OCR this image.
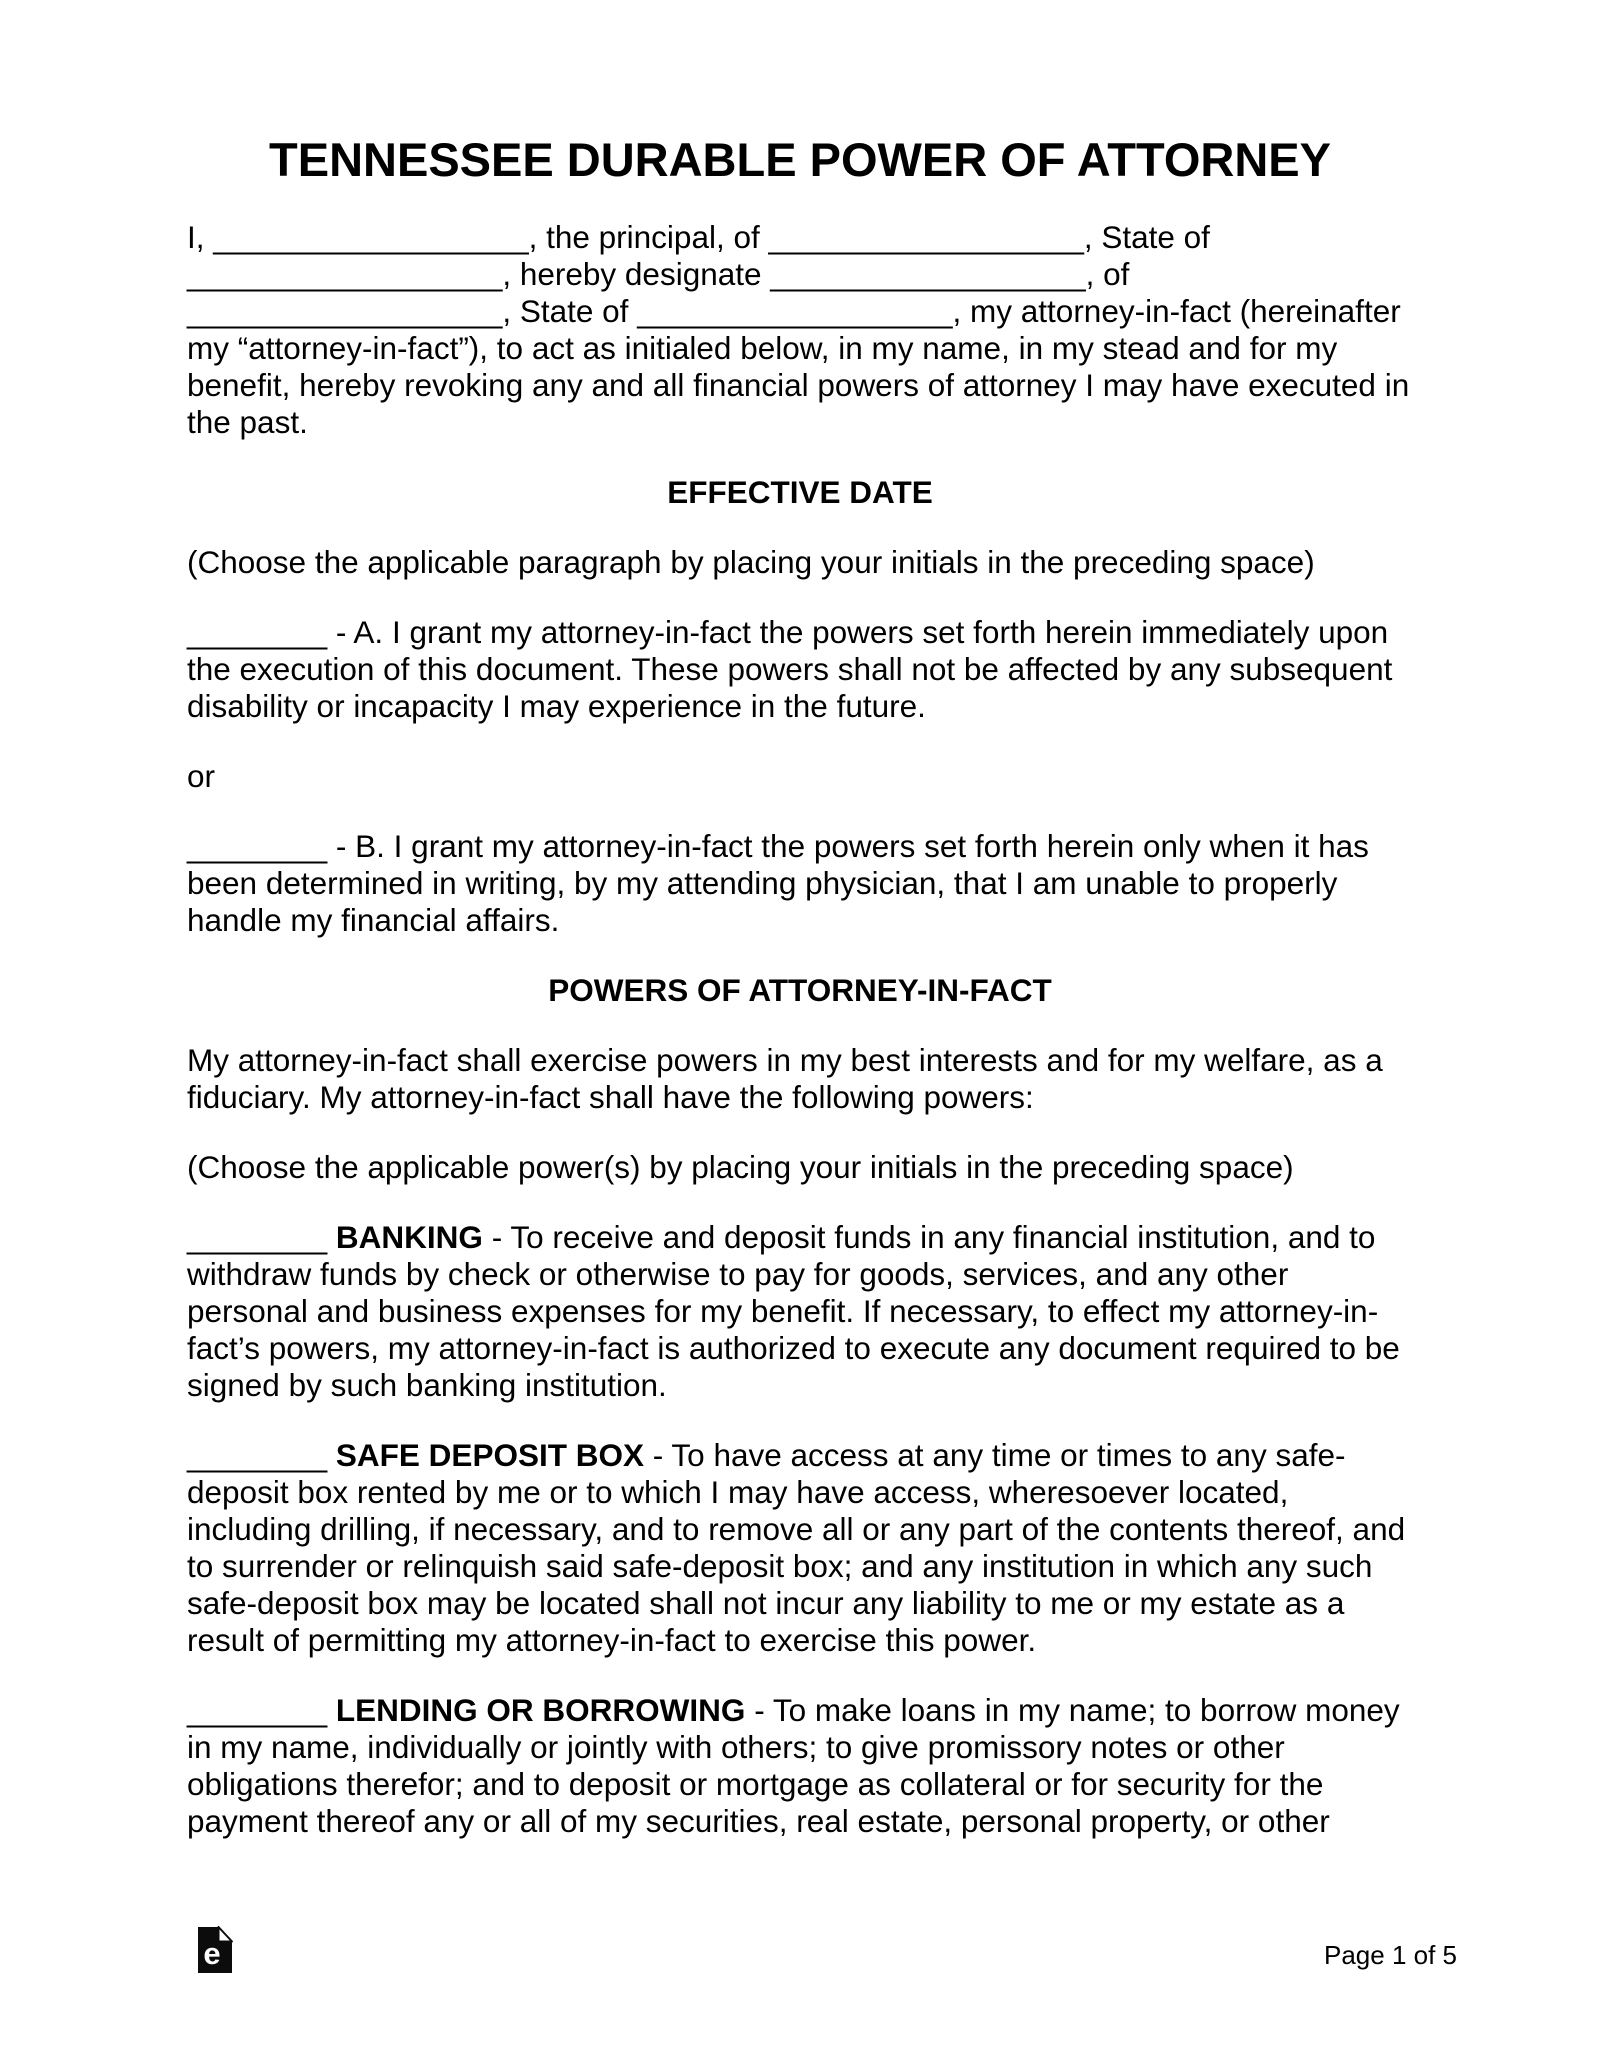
TENNESSEE DURABLE POWER OF ATTORNEY

I, __________________, the principal, of __________________, State of __________________, hereby designate __________________, of __________________, State of __________________, my attorney-in-fact (hereinafter my “attorney-in-fact”), to act as initialed below, in my name, in my stead and for my benefit, hereby revoking any and all financial powers of attorney I may have executed in the past.

EFFECTIVE DATE

(Choose the applicable paragraph by placing your initials in the preceding space)

________ - A. I grant my attorney-in-fact the powers set forth herein immediately upon the execution of this document. These powers shall not be affected by any subsequent disability or incapacity I may experience in the future.

or

________ - B. I grant my attorney-in-fact the powers set forth herein only when it has been determined in writing, by my attending physician, that I am unable to properly handle my financial affairs.

POWERS OF ATTORNEY-IN-FACT

My attorney-in-fact shall exercise powers in my best interests and for my welfare, as a fiduciary. My attorney-in-fact shall have the following powers:

(Choose the applicable power(s) by placing your initials in the preceding space)

________ BANKING - To receive and deposit funds in any financial institution, and to withdraw funds by check or otherwise to pay for goods, services, and any other personal and business expenses for my benefit. If necessary, to effect my attorney-in-fact’s powers, my attorney-in-fact is authorized to execute any document required to be signed by such banking institution.

________ SAFE DEPOSIT BOX - To have access at any time or times to any safe-deposit box rented by me or to which I may have access, wheresoever located, including drilling, if necessary, and to remove all or any part of the contents thereof, and to surrender or relinquish said safe-deposit box; and any institution in which any such safe-deposit box may be located shall not incur any liability to me or my estate as a result of permitting my attorney-in-fact to exercise this power.

________ LENDING OR BORROWING - To make loans in my name; to borrow money in my name, individually or jointly with others; to give promissory notes or other obligations therefor; and to deposit or mortgage as collateral or for security for the payment thereof any or all of my securities, real estate, personal property, or other

e	Page 1 of 5
